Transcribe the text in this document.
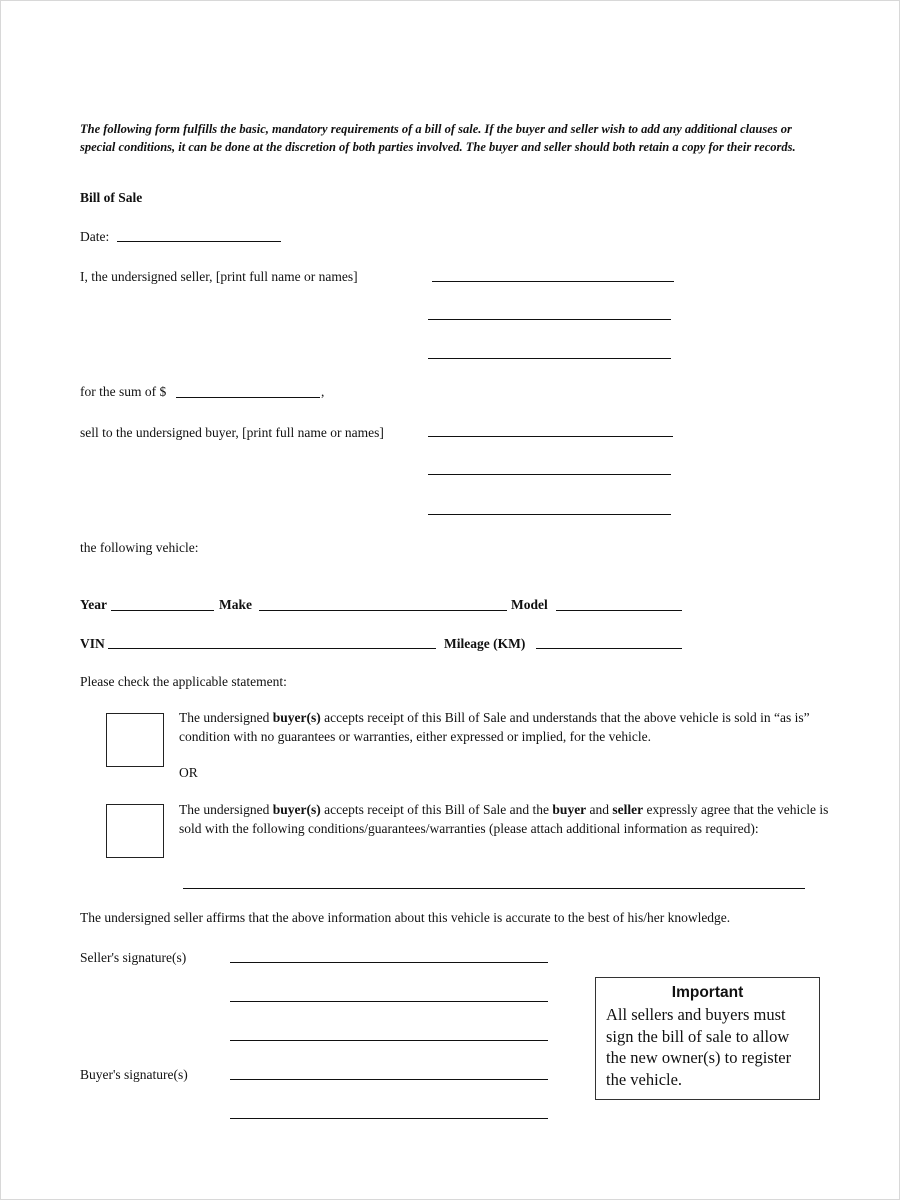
The following form fulfills the basic, mandatory requirements of a bill of sale. If the buyer and seller wish to add any additional clauses or special conditions, it can be done at the discretion of both parties involved. The buyer and seller should both retain a copy for their records.
Bill of Sale
Date:
I, the undersigned seller, [print full name or names]
for the sum of $	,
sell to the undersigned buyer, [print full name or names]
the following vehicle:
Year	Make	Model
VIN	Mileage (KM)
Please check the applicable statement:
The undersigned buyer(s) accepts receipt of this Bill of Sale and understands that the above vehicle is sold in “as is” condition with no guarantees or warranties, either expressed or implied, for the vehicle.
OR
The undersigned buyer(s) accepts receipt of this Bill of Sale and the buyer and seller expressly agree that the vehicle is sold with the following conditions/guarantees/warranties (please attach additional information as required):
The undersigned seller affirms that the above information about this vehicle is accurate to the best of his/her knowledge.
Seller's signature(s)
Buyer's signature(s)
Important
All sellers and buyers must sign the bill of sale to allow the new owner(s) to register the vehicle.
